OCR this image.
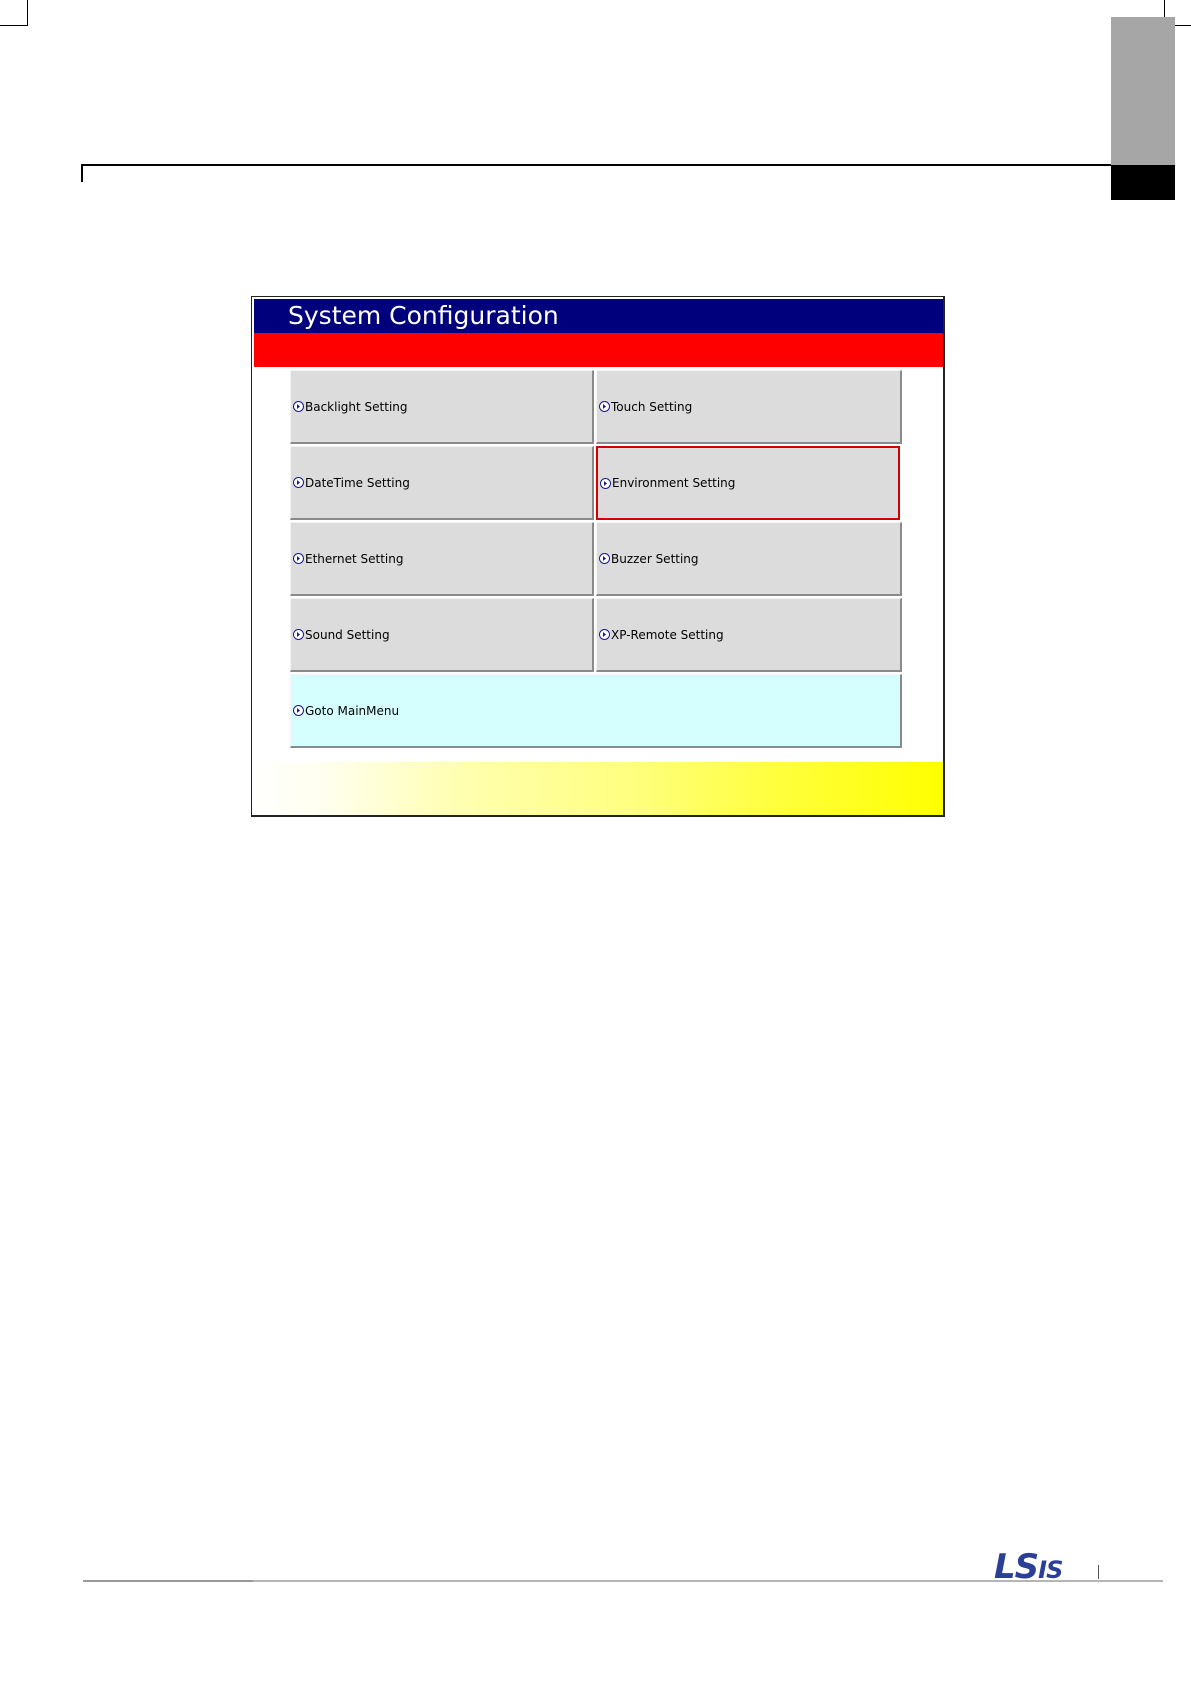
System Configuration
Backlight Setting	Touch Setting
DateTime Setting	Environment Setting
Ethernet Setting	Buzzer Setting
Sound Setting	XP-Remote Setting
Goto MainMenu
LSIS
